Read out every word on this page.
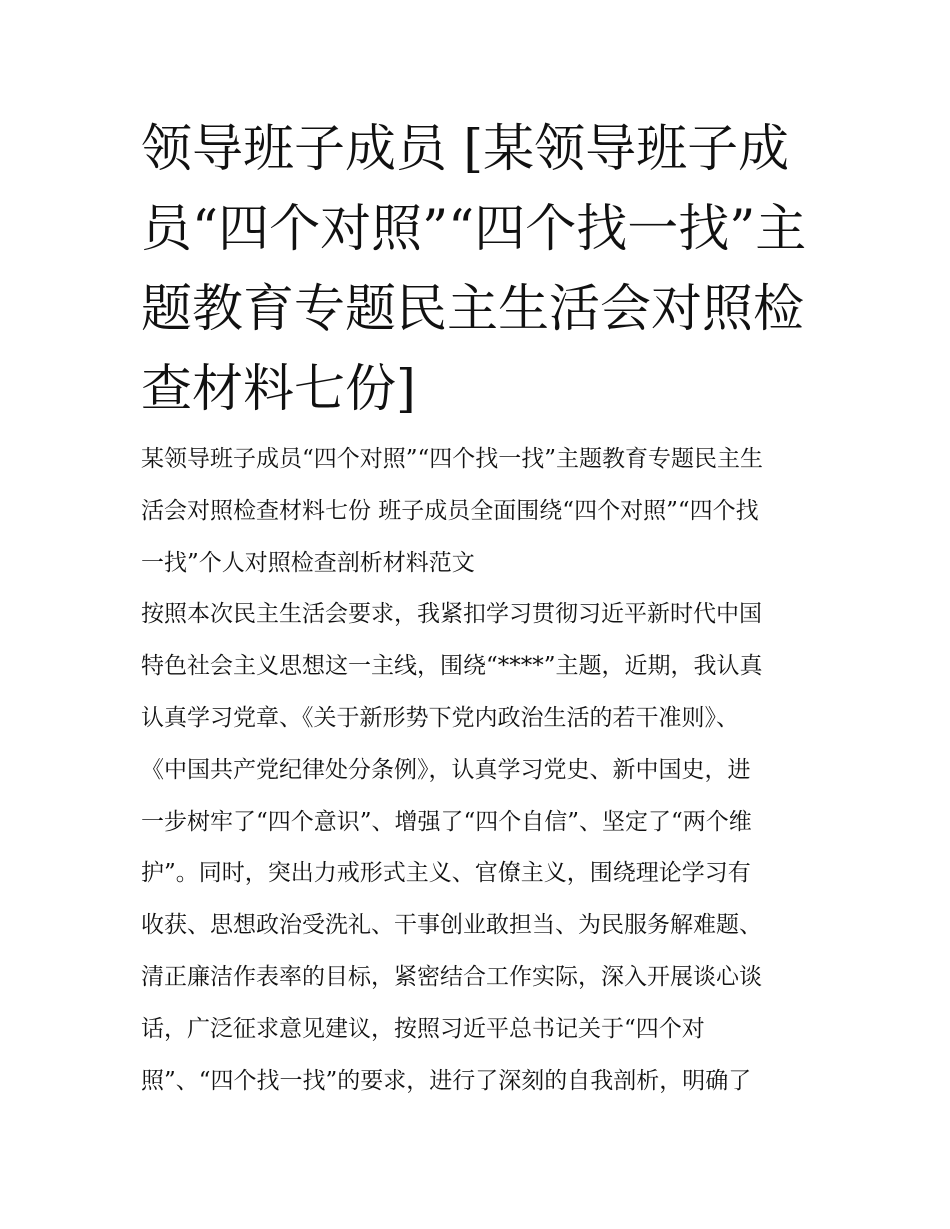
领导班子成员 [某领导班子成
员“四个对照”“四个找一找”主
题教育专题民主生活会对照检
查材料七份]
某领导班子成员“四个对照”“四个找一找”主题教育专题民主生
活会对照检查材料七份 班子成员全面围绕“四个对照”“四个找
一找”个人对照检查剖析材料范文
按照本次民主生活会要求，我紧扣学习贯彻习近平新时代中国
特色社会主义思想这一主线，围绕“****”主题，近期，我认真
认真学习党章、《关于新形势下党内政治生活的若干准则》、
《中国共产党纪律处分条例》，认真学习党史、新中国史，进
一步树牢了“四个意识”、增强了“四个自信”、坚定了“两个维
护”。同时，突出力戒形式主义、官僚主义，围绕理论学习有
收获、思想政治受洗礼、干事创业敢担当、为民服务解难题、
清正廉洁作表率的目标，紧密结合工作实际，深入开展谈心谈
话，广泛征求意见建议，按照习近平总书记关于“四个对
照”、“四个找一找”的要求，进行了深刻的自我剖析，明确了
